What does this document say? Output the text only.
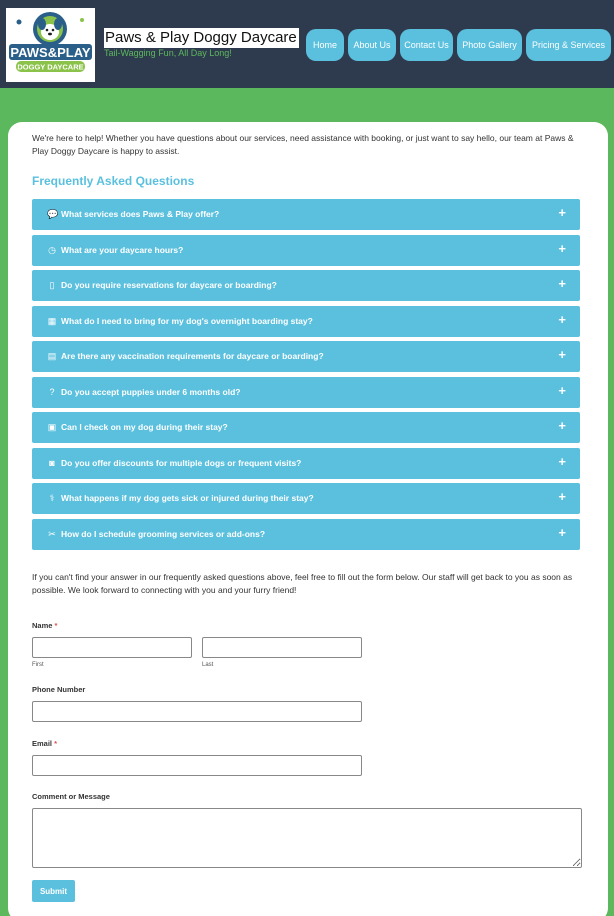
PAWS&PLAY
DOGGY DAYCARE
Paws & Play Doggy Daycare
Tail-Wagging Fun, All Day Long!
Home	About Us	Contact Us	Photo Gallery	Pricing & Services

We're here to help! Whether you have questions about our services, need assistance with booking, or just want to say hello, our team at Paws & Play Doggy Daycare is happy to assist.

Frequently Asked Questions
💬 What services does Paws & Play offer?	+
◷ What are your daycare hours?	+
▯ Do you require reservations for daycare or boarding?	+
▦ What do I need to bring for my dog's overnight boarding stay?	+
▤ Are there any vaccination requirements for daycare or boarding?	+
? Do you accept puppies under 6 months old?	+
▣ Can I check on my dog during their stay?	+
◙ Do you offer discounts for multiple dogs or frequent visits?	+
⚕ What happens if my dog gets sick or injured during their stay?	+
✂ How do I schedule grooming services or add-ons?	+

If you can't find your answer in our frequently asked questions above, feel free to fill out the form below. Our staff will get back to you as soon as possible. We look forward to connecting with you and your furry friend!

Name *
First	Last
Phone Number
Email *
Comment or Message
Submit
